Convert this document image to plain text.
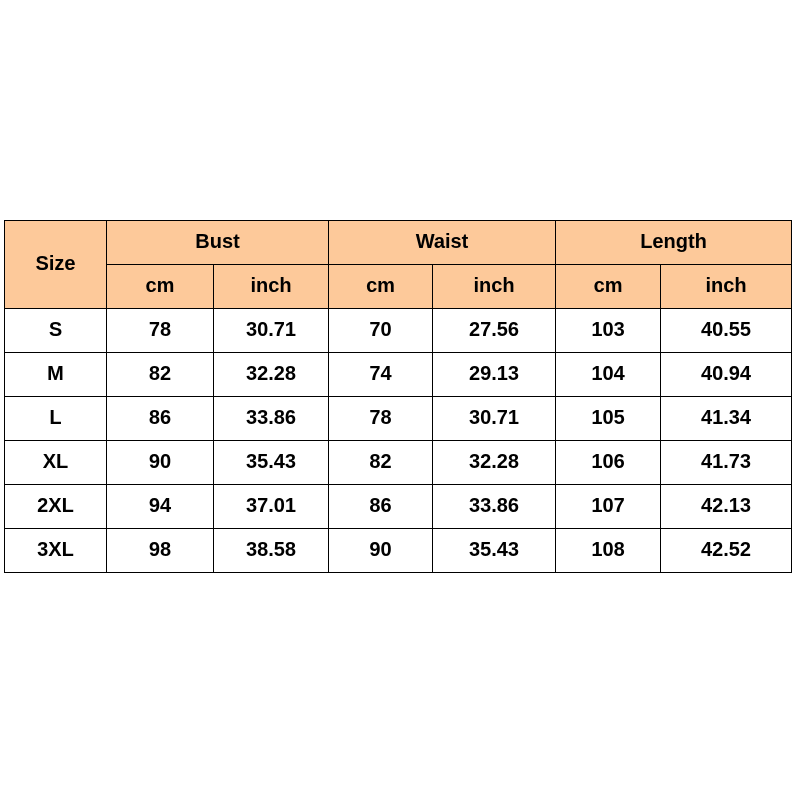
Size	Bust		Waist		Length	
	cm	inch	cm	inch	cm	inch
S	78	30.71	70	27.56	103	40.55
M	82	32.28	74	29.13	104	40.94
L	86	33.86	78	30.71	105	41.34
XL	90	35.43	82	32.28	106	41.73
2XL	94	37.01	86	33.86	107	42.13
3XL	98	38.58	90	35.43	108	42.52
